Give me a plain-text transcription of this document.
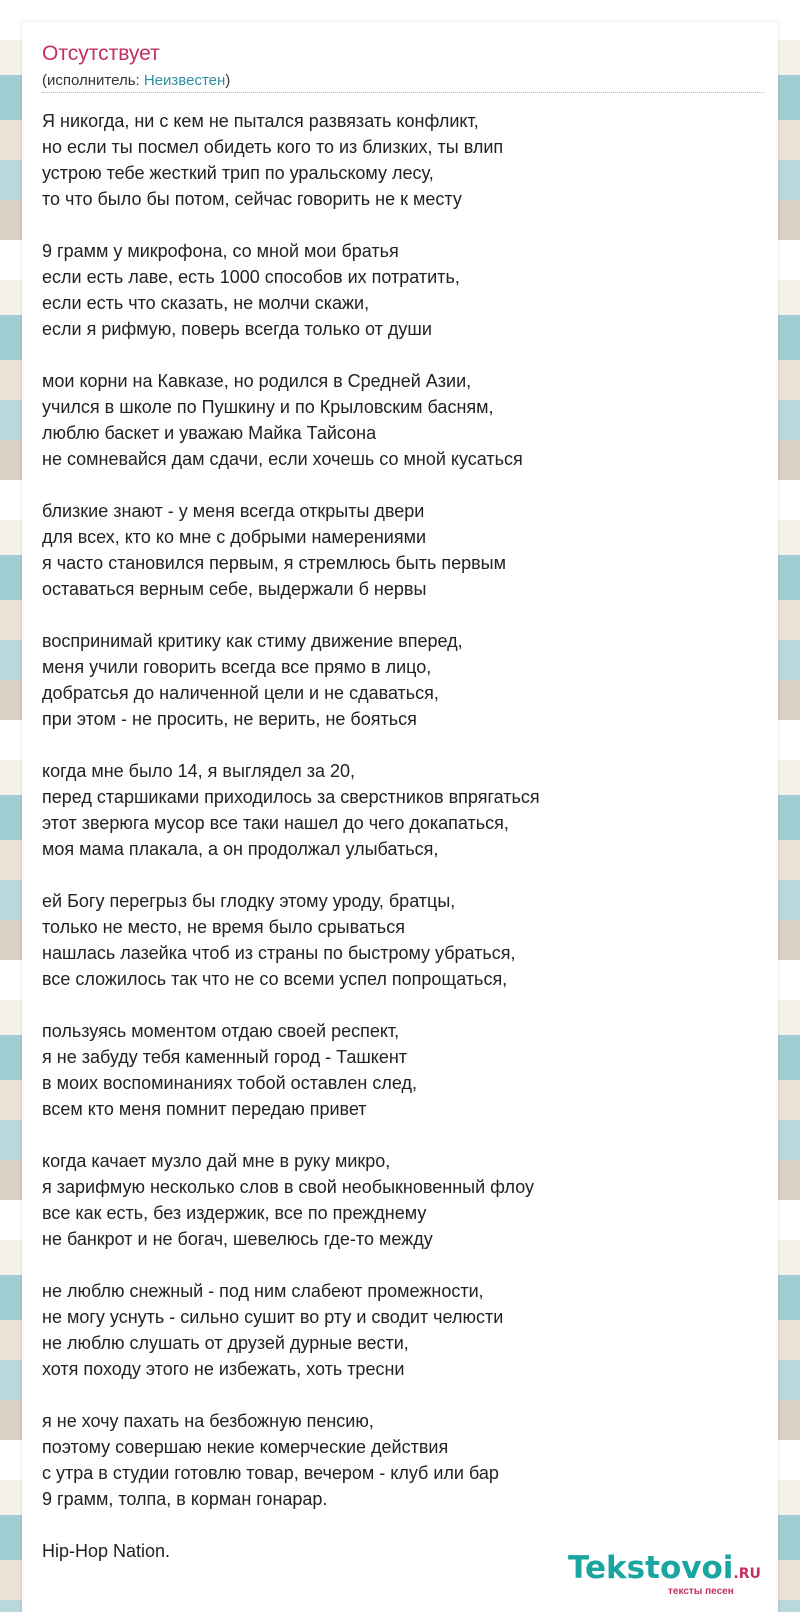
Отсутствует
(исполнитель: Неизвестен)
Я никогда, ни с кем не пытался развязать конфликт,
но если ты посмел обидеть кого то из близких, ты влип
устрою тебе жесткий трип по уральскому лесу,
то что было бы потом, сейчас говорить не к месту
9 грамм у микрофона, со мной мои братья
если есть лаве, есть 1000 способов их потратить,
если есть что сказать, не молчи скажи,
если я рифмую, поверь всегда только от души
мои корни на Кавказе, но родился в Средней Азии,
учился в школе по Пушкину и по Крыловским басням,
люблю баскет и уважаю Майка Тайсона
не сомневайся дам сдачи, если хочешь со мной кусаться
близкие знают - у меня всегда открыты двери
для всех, кто ко мне с добрыми намерениями
я часто становился первым, я стремлюсь быть первым
оставаться верным себе, выдержали б нервы
воспринимай критику как стиму движение вперед,
меня учили говорить всегда все прямо в лицо,
добратсья до наличенной цели и не сдаваться,
при этом - не просить, не верить, не бояться
когда мне было 14, я выглядел за 20,
перед старшиками приходилось за сверстников впрягаться
этот зверюга мусор все таки нашел до чего докапаться,
моя мама плакала, а он продолжал улыбаться,
ей Богу перегрыз бы глодку этому уроду, братцы,
только не место, не время было срываться
нашлась лазейка чтоб из страны по быстрому убраться,
все сложилось так что не со всеми успел попрощаться,
пользуясь моментом отдаю своей респект,
я не забуду тебя каменный город - Ташкент
в моих воспоминаниях тобой оставлен след,
всем кто меня помнит передаю привет
когда качает музло дай мне в руку микро,
я зарифмую несколько слов в свой необыкновенный флоу
все как есть, без издержик, все по прежднему
не банкрот и не богач, шевелюсь где-то между
не люблю снежный - под ним слабеют промежности,
не могу уснуть - сильно сушит во рту и сводит челюсти
не люблю слушать от друзей дурные вести,
хотя походу этого не избежать, хоть тресни
я не хочу пахать на безбожную пенсию,
поэтому совершаю некие комерческие действия
с утра в студии готовлю товар, вечером - клуб или бар
9 грамм, толпа, в корман гонарар.
Hip-Hop Nation.	Tekstovoi.RU
тексты песен
